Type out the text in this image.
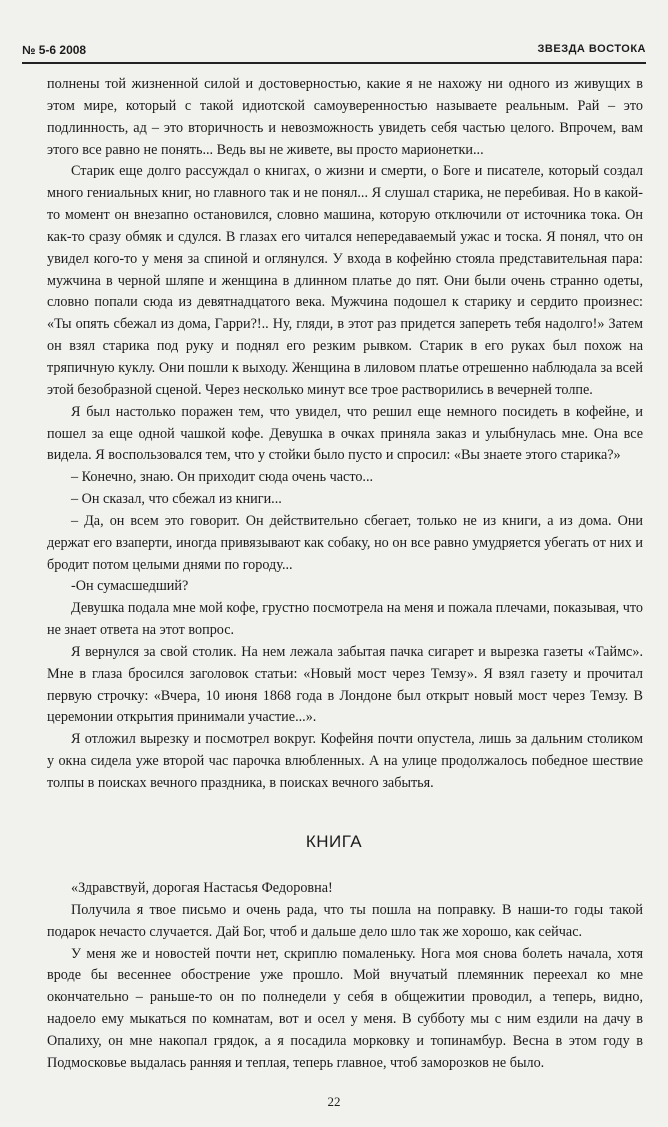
№ 5-6 2008	ЗВЕЗДА ВОСТОКА

полнены той жизненной силой и достоверностью, какие я не нахожу ни одного из живущих в этом мире, который с такой идиотской самоуверенностью называете реальным. Рай – это подлинность, ад – это вторичность и невозможность увидеть себя частью целого. Впрочем, вам этого все равно не понять... Ведь вы не живете, вы просто марионетки...

Старик еще долго рассуждал о книгах, о жизни и смерти, о Боге и писателе, который создал много гениальных книг, но главного так и не понял... Я слушал старика, не перебивая. Но в какой-то момент он внезапно остановился, словно машина, которую отключили от источника тока. Он как-то сразу обмяк и сдулся. В глазах его читался непередаваемый ужас и тоска. Я понял, что он увидел кого-то у меня за спиной и оглянулся. У входа в кофейню стояла представительная пара: мужчина в черной шляпе и женщина в длинном платье до пят. Они были очень странно одеты, словно попали сюда из девятнадцатого века. Мужчина подошел к старику и сердито произнес: «Ты опять сбежал из дома, Гарри?!.. Ну, гляди, в этот раз придется запереть тебя надолго!» Затем он взял старика под руку и поднял его резким рывком. Старик в его руках был похож на тряпичную куклу. Они пошли к выходу. Женщина в лиловом платье отрешенно наблюдала за всей этой безобразной сценой. Через несколько минут все трое растворились в вечерней толпе.

Я был настолько поражен тем, что увидел, что решил еще немного посидеть в кофейне, и пошел за еще одной чашкой кофе. Девушка в очках приняла заказ и улыбнулась мне. Она все видела. Я воспользовался тем, что у стойки было пусто и спросил: «Вы знаете этого старика?»

– Конечно, знаю. Он приходит сюда очень часто...

– Он сказал, что сбежал из книги...

– Да, он всем это говорит. Он действительно сбегает, только не из книги, а из дома. Они держат его взаперти, иногда привязывают как собаку, но он все равно умудряется убегать от них и бродит потом целыми днями по городу...

-Он сумасшедший?

Девушка подала мне мой кофе, грустно посмотрела на меня и пожала плечами, показывая, что не знает ответа на этот вопрос.

Я вернулся за свой столик. На нем лежала забытая пачка сигарет и вырезка газеты «Таймс». Мне в глаза бросился заголовок статьи: «Новый мост через Темзу». Я взял газету и прочитал первую строчку: «Вчера, 10 июня 1868 года в Лондоне был открыт новый мост через Темзу. В церемонии открытия принимали участие...».

Я отложил вырезку и посмотрел вокруг. Кофейня почти опустела, лишь за дальним столиком у окна сидела уже второй час парочка влюбленных. А на улице продолжалось победное шествие толпы в поисках вечного праздника, в поисках вечного забытья.

КНИГА

«Здравствуй, дорогая Настасья Федоровна!

Получила я твое письмо и очень рада, что ты пошла на поправку. В наши-то годы такой подарок нечасто случается. Дай Бог, чтоб и дальше дело шло так же хорошо, как сейчас.

У меня же и новостей почти нет, скриплю помаленьку. Нога моя снова болеть начала, хотя вроде бы весеннее обострение уже прошло. Мой внучатый племянник переехал ко мне окончательно – раньше-то он по полнедели у себя в общежитии проводил, а теперь, видно, надоело ему мыкаться по комнатам, вот и осел у меня. В субботу мы с ним ездили на дачу в Опалиху, он мне накопал грядок, а я посадила морковку и топинамбур. Весна в этом году в Подмосковье выдалась ранняя и теплая, теперь главное, чтоб заморозков не было.

22
